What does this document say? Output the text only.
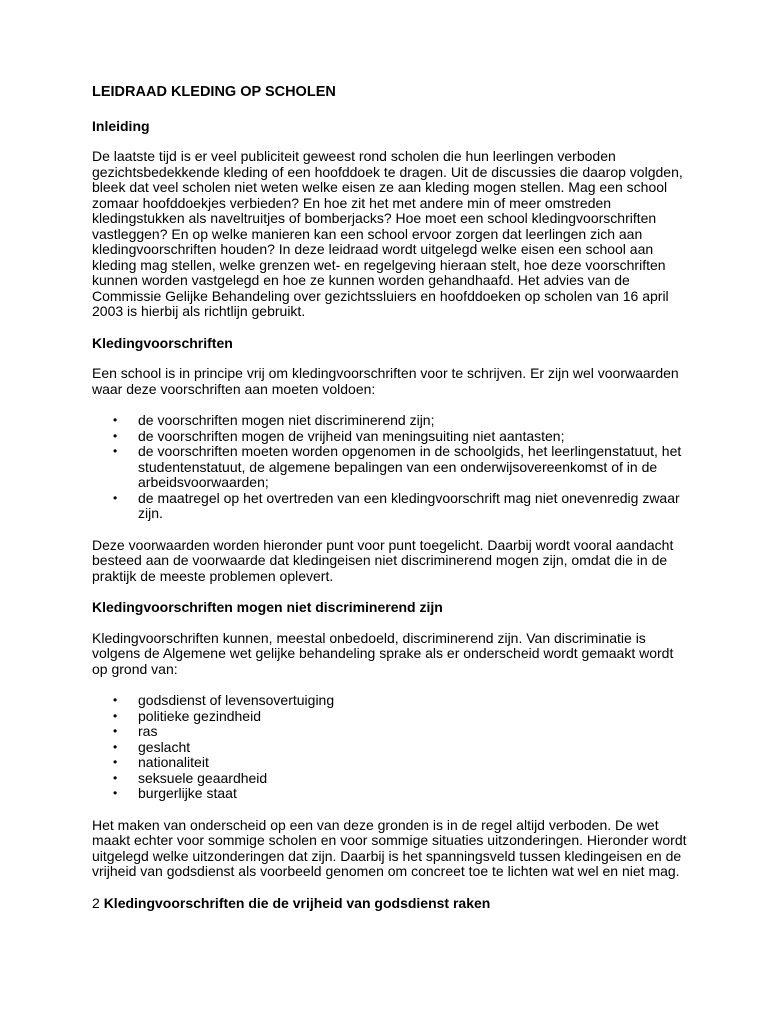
LEIDRAAD KLEDING OP SCHOLEN
Inleiding

De laatste tijd is er veel publiciteit geweest rond scholen die hun leerlingen verboden gezichtsbedekkende kleding of een hoofddoek te dragen. Uit de discussies die daarop volgden, bleek dat veel scholen niet weten welke eisen ze aan kleding mogen stellen. Mag een school zomaar hoofddoekjes verbieden? En hoe zit het met andere min of meer omstreden kledingstukken als naveltruitjes of bomberjacks? Hoe moet een school kledingvoorschriften vastleggen? En op welke manieren kan een school ervoor zorgen dat leerlingen zich aan kledingvoorschriften houden? In deze leidraad wordt uitgelegd welke eisen een school aan kleding mag stellen, welke grenzen wet- en regelgeving hieraan stelt, hoe deze voorschriften kunnen worden vastgelegd en hoe ze kunnen worden gehandhaafd. Het advies van de Commissie Gelijke Behandeling over gezichtssluiers en hoofddoeken op scholen van 16 april 2003 is hierbij als richtlijn gebruikt.

Kledingvoorschriften

Een school is in principe vrij om kledingvoorschriften voor te schrijven. Er zijn wel voorwaarden waar deze voorschriften aan moeten voldoen:

• de voorschriften mogen niet discriminerend zijn;
• de voorschriften mogen de vrijheid van meningsuiting niet aantasten;
• de voorschriften moeten worden opgenomen in de schoolgids, het leerlingenstatuut, het studentenstatuut, de algemene bepalingen van een onderwijsovereenkomst of in de arbeidsvoorwaarden;
• de maatregel op het overtreden van een kledingvoorschrift mag niet onevenredig zwaar zijn.

Deze voorwaarden worden hieronder punt voor punt toegelicht. Daarbij wordt vooral aandacht besteed aan de voorwaarde dat kledingeisen niet discriminerend mogen zijn, omdat die in de praktijk de meeste problemen oplevert.

Kledingvoorschriften mogen niet discriminerend zijn

Kledingvoorschriften kunnen, meestal onbedoeld, discriminerend zijn. Van discriminatie is volgens de Algemene wet gelijke behandeling sprake als er onderscheid wordt gemaakt wordt op grond van:

• godsdienst of levensovertuiging
• politieke gezindheid
• ras
• geslacht
• nationaliteit
• seksuele geaardheid
• burgerlijke staat

Het maken van onderscheid op een van deze gronden is in de regel altijd verboden. De wet maakt echter voor sommige scholen en voor sommige situaties uitzonderingen. Hieronder wordt uitgelegd welke uitzonderingen dat zijn. Daarbij is het spanningsveld tussen kledingeisen en de vrijheid van godsdienst als voorbeeld genomen om concreet toe te lichten wat wel en niet mag.

2 Kledingvoorschriften die de vrijheid van godsdienst raken
